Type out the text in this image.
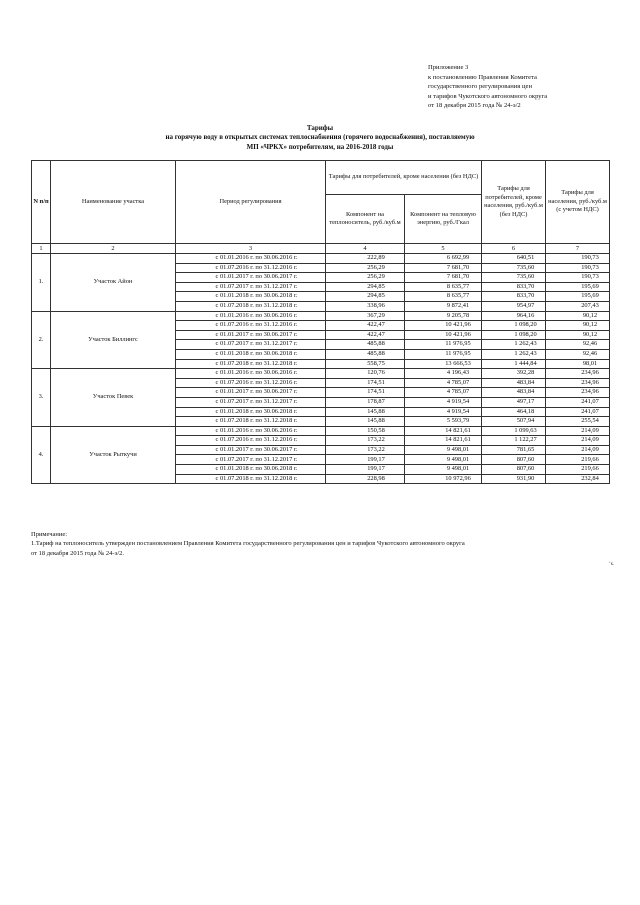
Приложение 3
к постановлению Правления Комитета
государственного регулирования цен
и тарифов Чукотского автономного округа
от 18 декабря 2015 года № 24-э/2
Тарифы
на горячую воду в открытых системах теплоснабжения (горячего водоснабжения), поставляемую
МП «ЧРКХ» потребителям, на 2016-2018 годы
N п/п	Наименование участка	Период регулирования	Тарифы для потребителей, кроме населения (без НДС)		Тарифы для потребителей, кроме населения, руб./куб.м (без НДС)	Тарифы для населения, руб./куб.м (с учетом НДС)
			Компонент на теплоноситель, руб./куб.м	Компонент на тепловую энергию, руб./Гкал		
1	2	3	4	5	6	7
1.	Участок Айон	с 01.01.2016 г. по 30.06.2016 г.	222,89	6 692,99	640,51	190,73
		с 01.07.2016 г. по 31.12.2016 г.	256,29	7 681,70	735,60	190,73
		с 01.01.2017 г. по 30.06.2017 г.	256,29	7 681,70	735,60	190,73
		с 01.07.2017 г. по 31.12.2017 г.	294,85	8 635,77	833,70	195,69
		с 01.01.2018 г. по 30.06.2018 г.	294,85	8 635,77	833,70	195,69
		с 01.07.2018 г. по 31.12.2018 г.	338,96	9 872,41	954,97	207,43
2.	Участок Биллингс	с 01.01.2016 г. по 30.06.2016 г.	367,29	9 205,78	964,16	90,12
		с 01.07.2016 г. по 31.12.2016 г.	422,47	10 421,96	1 098,20	90,12
		с 01.01.2017 г. по 30.06.2017 г.	422,47	10 421,96	1 098,20	90,12
		с 01.07.2017 г. по 31.12.2017 г.	485,88	11 976,95	1 262,43	92,46
		с 01.01.2018 г. по 30.06.2018 г.	485,88	11 976,95	1 262,43	92,46
		с 01.07.2018 г. по 31.12.2018 г.	558,75	13 666,53	1 444,84	98,01
3.	Участок Певек	с 01.01.2016 г. по 30.06.2016 г.	120,76	4 196,43	392,28	234,96
		с 01.07.2016 г. по 31.12.2016 г.	174,51	4 785,07	483,84	234,96
		с 01.01.2017 г. по 30.06.2017 г.	174,51	4 785,07	483,84	234,96
		с 01.07.2017 г. по 31.12.2017 г.	178,87	4 919,54	497,17	241,07
		с 01.01.2018 г. по 30.06.2018 г.	145,88	4 919,54	464,18	241,07
		с 01.07.2018 г. по 31.12.2018 г.	145,88	5 593,79	507,94	255,54
4.	Участок Рыткучи	с 01.01.2016 г. по 30.06.2016 г.	150,58	14 821,61	1 099,63	214,09
		с 01.07.2016 г. по 31.12.2016 г.	173,22	14 821,61	1 122,27	214,09
		с 01.01.2017 г. по 30.06.2017 г.	173,22	9 498,01	781,65	214,09
		с 01.07.2017 г. по 31.12.2017 г.	199,17	9 498,01	807,60	219,66
		с 01.01.2018 г. по 30.06.2018 г.	199,17	9 498,01	807,60	219,66
		с 01.07.2018 г. по 31.12.2018 г.	228,98	10 972,96	931,90	232,84
Примечание:
1.Тариф на теплоноситель утвержден постановлением Правления Комитета государственного регулирования цен и тарифов Чукотского автономного округа
от 18 декабря 2015 года № 24-э/2.
ʻк.
